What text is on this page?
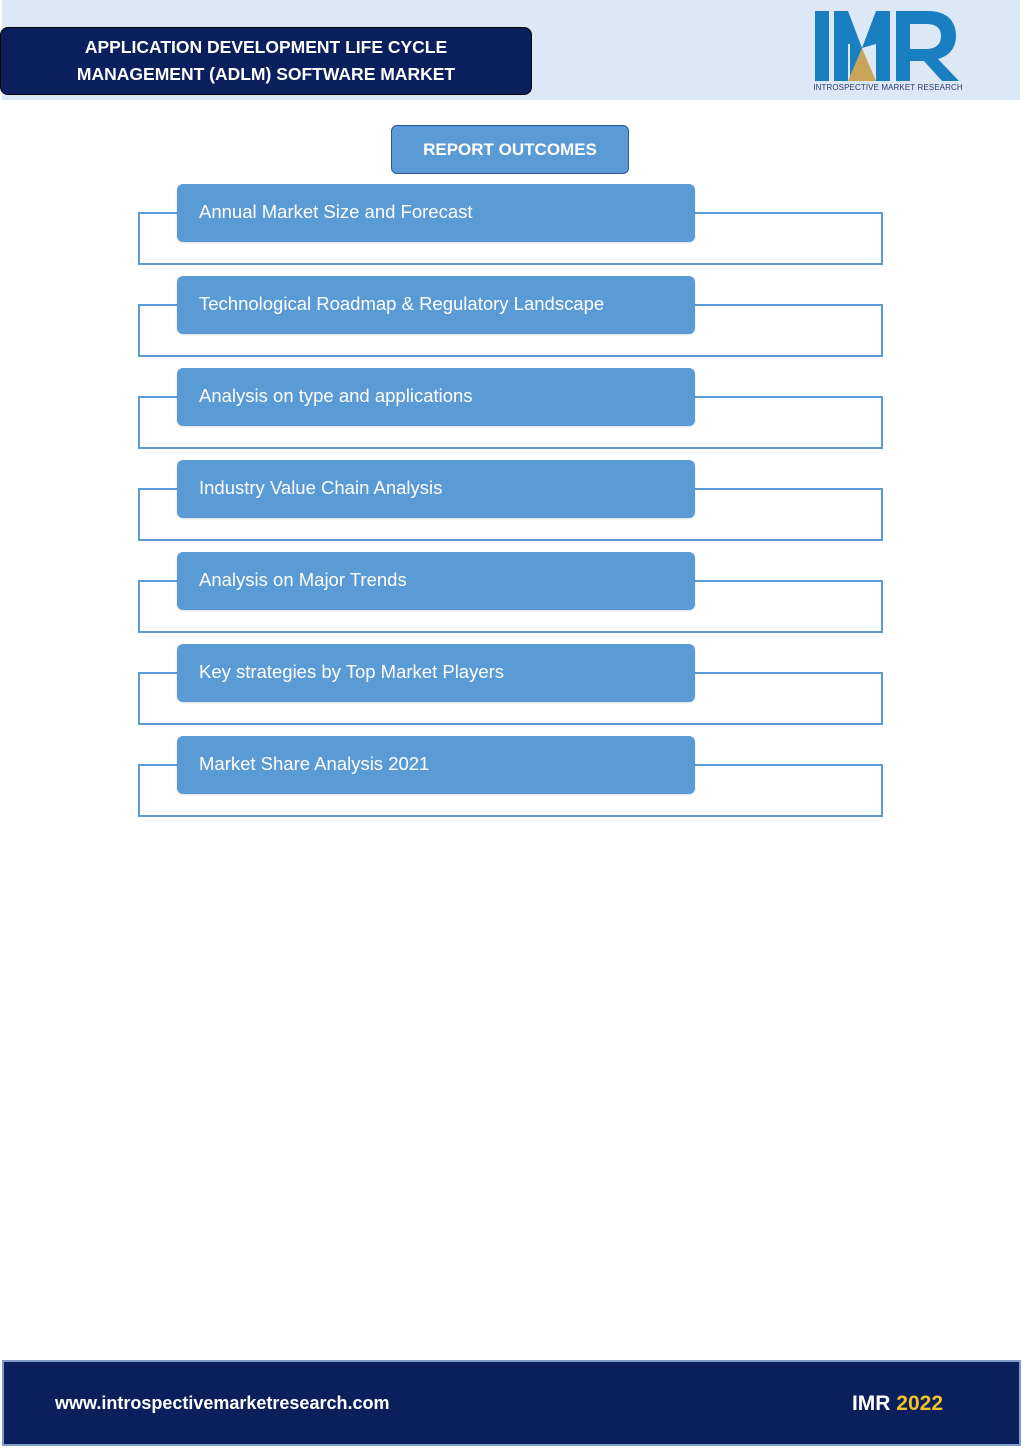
APPLICATION DEVELOPMENT LIFE CYCLE
MANAGEMENT (ADLM) SOFTWARE MARKET
INTROSPECTIVE MARKET RESEARCH
REPORT OUTCOMES
Annual Market Size and Forecast
Technological Roadmap & Regulatory Landscape
Analysis on type and applications
Industry Value Chain Analysis
Analysis on Major Trends
Key strategies by Top Market Players
Market Share Analysis 2021
www.introspectivemarketresearch.com	IMR 2022
